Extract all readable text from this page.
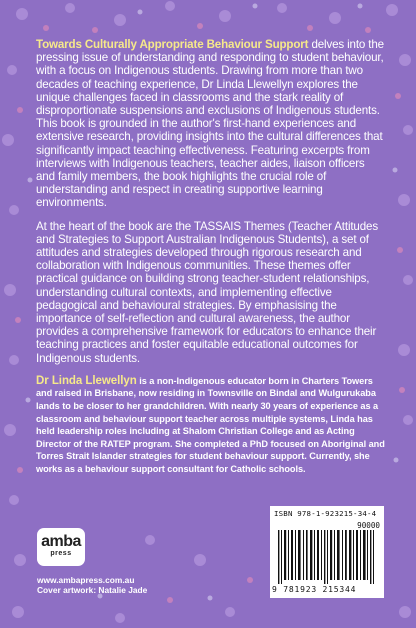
Towards Culturally Appropriate Behaviour Support delves into the pressing issue of understanding and responding to student behaviour, with a focus on Indigenous students. Drawing from more than two decades of teaching experience, Dr Linda Llewellyn explores the unique challenges faced in classrooms and the stark reality of disproportionate suspensions and exclusions of Indigenous students. This book is grounded in the author's first-hand experiences and extensive research, providing insights into the cultural differences that significantly impact teaching effectiveness. Featuring excerpts from interviews with Indigenous teachers, teacher aides, liaison officers and family members, the book highlights the crucial role of understanding and respect in creating supportive learning environments.

At the heart of the book are the TASSAIS Themes (Teacher Attitudes and Strategies to Support Australian Indigenous Students), a set of attitudes and strategies developed through rigorous research and collaboration with Indigenous communities. These themes offer practical guidance on building strong teacher-student relationships, understanding cultural contexts, and implementing effective pedagogical and behavioural strategies. By emphasising the importance of self-reflection and cultural awareness, the author provides a comprehensive framework for educators to enhance their teaching practices and foster equitable educational outcomes for Indigenous students.

Dr Linda Llewellyn is a non-Indigenous educator born in Charters Towers and raised in Brisbane, now residing in Townsville on Bindal and Wulgurukaba lands to be closer to her grandchildren. With nearly 30 years of experience as a classroom and behaviour support teacher across multiple systems, Linda has held leadership roles including at Shalom Christian College and as Acting Director of the RATEP program. She completed a PhD focused on Aboriginal and Torres Strait Islander strategies for student behaviour support. Currently, she works as a behaviour support consultant for Catholic schools.

amba
press
www.ambapress.com.au
Cover artwork: Natalie Jade
ISBN 978-1-923215-34-4
90000
9 781923 215344
